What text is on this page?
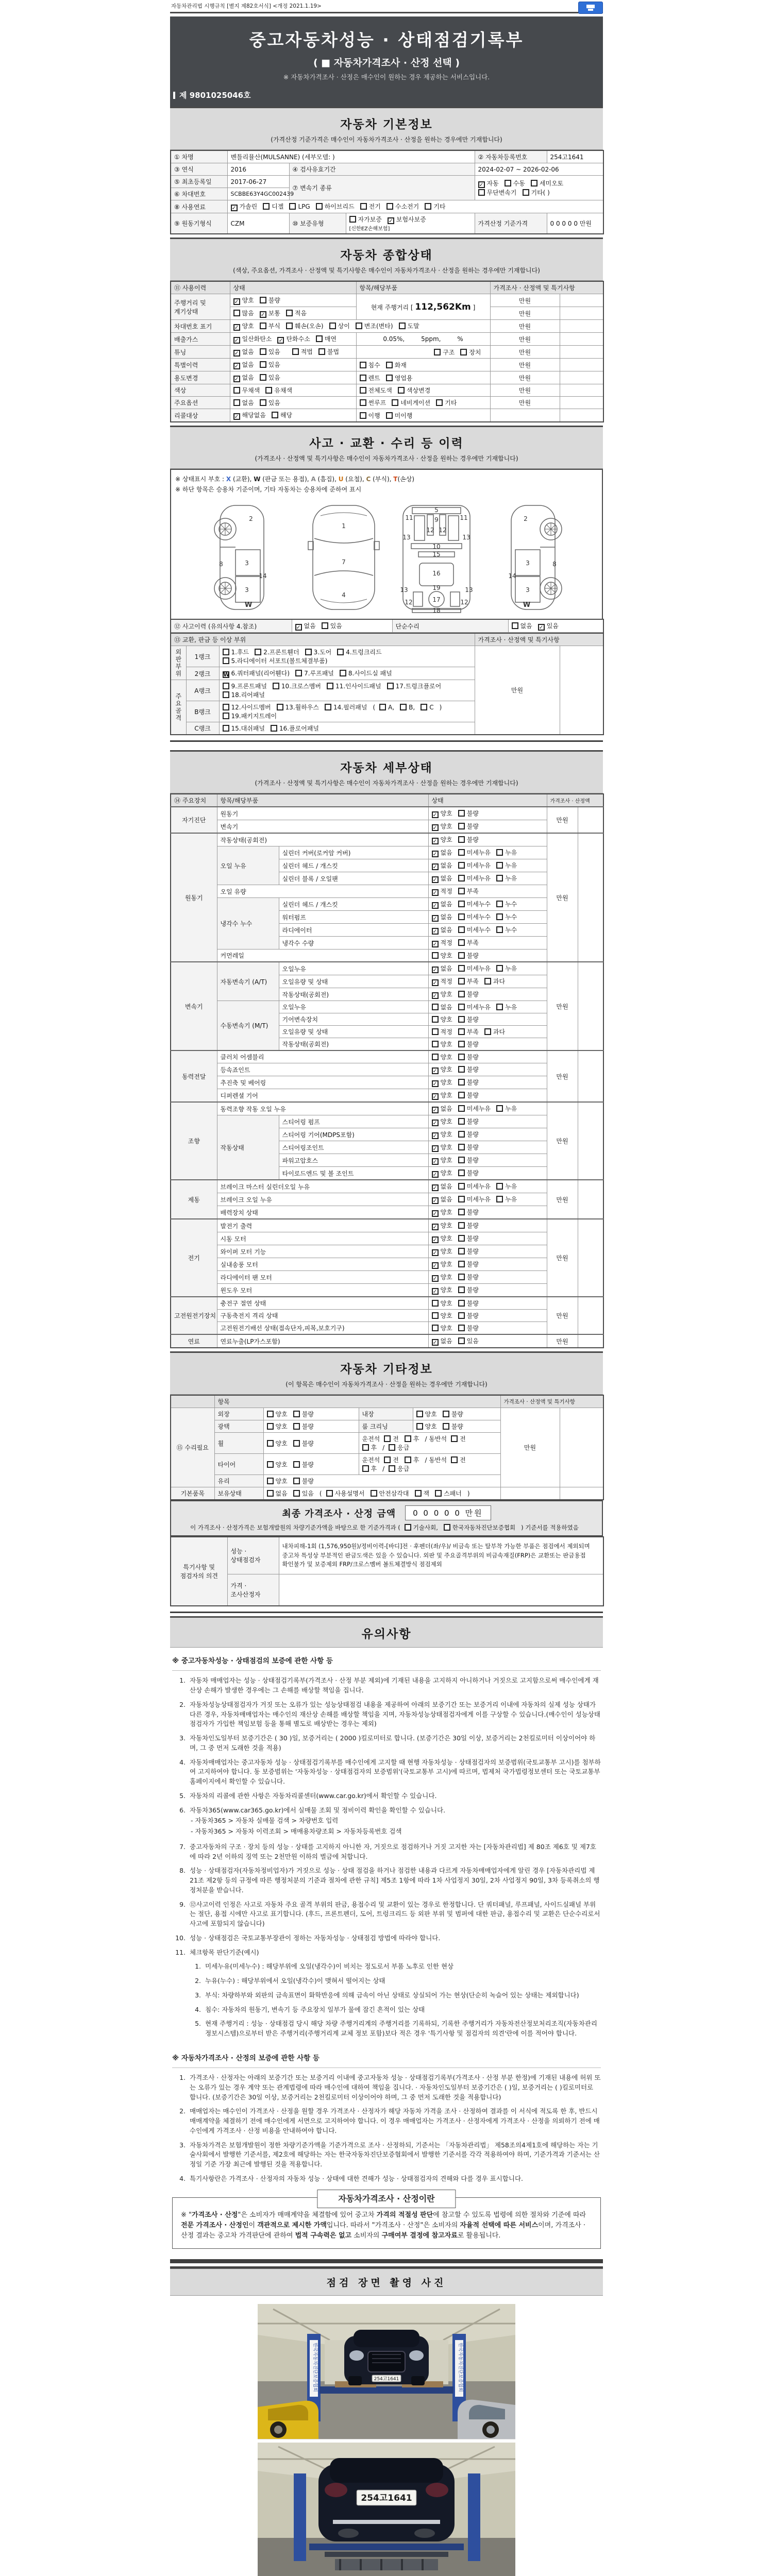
자동차관리법 시행규칙 [별지 제82호서식] <개정 2021.1.19>
중고자동차성능 · 상태점검기록부
( ■ 자동차가격조사 · 산정 선택 )
※ 자동차가격조사 · 산정은 매수인이 원하는 경우 제공하는 서비스입니다.
제 9801025046호
자동차 기본정보
(가격산정 기준가격은 매수인이 자동차가격조사 · 산정을 원하는 경우에만 기재합니다)
① 차명	벤틀리뮬산(MULSANNE) (세부모델: )			② 자동차등록번호	254고1641
③ 연식	2016	④ 검사유효기간		2024-02-07 ~ 2026-02-06	
⑤ 최초등록일	2017-06-27	⑦ 변속기 종류		✓ 자동 수동 세미오토무단변속기 기타( )	
⑥ 차대번호	SCBBE63Y4GC002439				
⑧ 사용연료	✓ 가솔린 디젤 LPG 하이브리드 전기 수소전기 기타				
⑨ 원동기형식	CZM	⑩ 보증유형	자가보증 ✓ 보험사보증[신한EZ손해보험]	가격산정 기준가격	0 0 0 0 0 만원
자동차 종합상태
(색상, 주요옵션, 가격조사 · 산정액 및 특기사항은 매수인이 자동차가격조사 · 산정을 원하는 경우에만 기재합니다)
⑪ 사용이력	상태	항목/해당부품	가격조사 · 산정액 및 특기사항	
주행거리 및 계기상태	✓ 양호 불량	현재 주행거리 [ 112,562Km ]	만원	
	많음 ✓ 보통 적음		만원	
차대번호 표기	✓ 양호 부식 훼손(오손) 상이 변조(변타) 도말		만원	
배출가스	✓ 일산화탄소 ✓ 탄화수소 매연	0.05%, 5ppm, %	만원	
튜닝	✓ 없음 있음 적법 불법	구조 장치	만원	
특별이력	✓ 없음 있음	침수 화재	만원	
용도변경	✓ 없음 있음	렌트 영업용	만원	
색상	무채색 유채색	전체도색 색상변경	만원	
주요옵션	없음 있음	썬루프 네비게이션 기타	만원	
리콜대상	✓ 해당없음 해당	이행 미이행		
사고 · 교환 · 수리 등 이력
(가격조사 · 산정액 및 특기사항은 매수인이 자동차가격조사 · 산정을 원하는 경우에만 기재합니다)
※ 상태표시 부호 : X (교환), W (판금 또는 용접), A (흠집), U (요철), C (부식), T(손상)
※ 하단 항목은 승용차 기준이며, 기타 자동차는 승용차에 준하여 표시
2
8	3
14
3
W
1
7
4
5
9
11	11
13	13
12 12
10
15
16
19
13	13
17
12	12
18
2
3	8
14
3
W
⑫ 사고이력 (유의사항 4.참조)	✓ 없음 있음	단순수리	없음 ✓ 있음
⑬ 교환, 판금 등 이상 부위			가격조사 · 산정액 및 특기사항	
외판부위	1랭크	1.후드 2.프론트휀더 3.도어 4.트렁크리드
5.라디에이터 서포트(볼트체결부품)	만원	
	2랭크	W 6.쿼터패널(리어휀다) 7.루프패널 8.사이드실 패널		

주요골격	A랭크	9.프론트패널 10.크로스멤버 11.인사이드패널 17.트렁크플로어
18.리어패널		

	B랭크	12.사이드멤버 13.휠하우스 14.필러패널 ( A, B, C )
19.패키지트레이		

	C랭크	15.대쉬패널 16.플로어패널		
자동차 세부상태
(가격조사 · 산정액 및 특기사항은 매수인이 자동차가격조사 · 산정을 원하는 경우에만 기재합니다)
⑭ 주요장치	항목/해당부품		상태	가격조사 · 산정액	
자기진단	원동기		✓ 양호 불량	만원	
	변속기		✓ 양호 불량		
원동기	작동상태(공회전)		✓ 양호 불량	만원	
	오일 누유	실린더 커버(로커암 커버)	✓ 없음 미세누유 누유		
		실린더 헤드 / 개스킷	✓ 없음 미세누유 누유		
		실린더 블록 / 오일팬	✓ 없음 미세누유 누유		
	오일 유량		✓ 적정 부족		
	냉각수 누수	실린더 헤드 / 개스킷	✓ 없음 미세누수 누수		
		워터펌프	✓ 없음 미세누수 누수		
		라디에이터	✓ 없음 미세누수 누수		
		냉각수 수량	✓ 적정 부족		
	커먼레일		양호 불량		
변속기	자동변속기 (A/T)	오일누유	✓ 없음 미세누유 누유	만원	
		오일유량 및 상태	✓ 적정 부족 과다		
		작동상태(공회전)	✓ 양호 불량		
	수동변속기 (M/T)	오일누유	없음 미세누유 누유		
		기어변속장치	양호 불량		
		오일유량 및 상태	적정 부족 과다		
		작동상태(공회전)	양호 불량		
동력전달	클러치 어셈블리		양호 불량	만원	
	등속죠인트		✓ 양호 불량		
	추진축 및 베어링		✓ 양호 불량		
	디퍼렌셜 기어		✓ 양호 불량		
조향	동력조향 작동 오일 누유		✓ 없음 미세누유 누유	만원	
	작동상태	스티어링 펌프	✓ 양호 불량		
		스티어링 기어(MDPS포함)	✓ 양호 불량		
		스티어링조인트	✓ 양호 불량		
		파워고압호스	✓ 양호 불량		
		타이로드엔드 및 볼 조인트	✓ 양호 불량		
제동	브레이크 마스터 실린더오일 누유		✓ 없음 미세누유 누유	만원	
	브레이크 오일 누유		✓ 없음 미세누유 누유		
	배력장치 상태		✓ 양호 불량		
전기	발전기 출력		✓ 양호 불량	만원	
	시동 모터		✓ 양호 불량		
	와이퍼 모터 기능		✓ 양호 불량		
	실내송풍 모터		✓ 양호 불량		
	라디에이터 팬 모터		✓ 양호 불량		
	윈도우 모터		✓ 양호 불량		
고전원전기장치	충전구 절연 상태		양호 불량	만원	
	구동축전지 격리 상태		양호 불량		
	고전원전기배선 상태(접속단자,피복,보호기구)		양호 불량		
연료	연료누출(LP가스포함)		✓ 없음 있음	만원	
자동차 기타정보
(이 항목은 매수인이 자동차가격조사 · 산정을 원하는 경우에만 기재합니다)
	항목				가격조사 · 산정액 및 특기사항	
⑮ 수리필요	외장	양호 불량	내장	양호 불량	만원	
	광택	양호 불량	룸 크리닝	양호 불량		
	휠	양호 불량	운전석 전 후 / 동반석 전후 / 응급			
	타이어	양호 불량	운전석 전 후 / 동반석 전후 / 응급			
	유리	양호 불량				
기본품목	보유상태	없음 있음 ( 사용설명서 안전삼각대 잭 스패너 )				
최종 가격조사 · 산정 금액	0 0 0 0 0 만원
이 가격조사 · 산정가격은 보험개발원의 차량기준가액을 바탕으로 한 기준가격과 ( 기술사회, 한국자동차진단보증협회 ) 기준서를 적용하였음
특기사항 및 점검자의 의견	성능 · 상태점검자	내차피해-1회 (1,576,950원)/정비이력-[바디]전 · 후펜더(좌/우)/ 비금속 또는 탈부착 가능한 부품은 점검에서 제외되며 중고차 특성상 부분적인 판금도색은 있을 수 있습니다. 외판 및 주요골격부위의 비금속재질(FRP)은 교환또는 판금용접 확인불가 및 보증제외 FRP/크로스멤버 볼트체결방식 점검제외
	가격 · 조사산정자	
유의사항
※ 중고자동차성능 · 상태점검의 보증에 관한 사항 등
1. 자동차 매매업자는 성능 · 상태점검기록부(가격조사 · 산정 부분 제외)에 기재된 내용을 고지하지 아니하거나 거짓으로 고지함으로써 매수인에게 재산상 손해가 발생한 경우에는 그 손해를 배상할 책임을 집니다.
2. 자동차성능상태점검자가 거짓 또는 오류가 있는 성능상태점검 내용을 제공하여 아래의 보증기간 또는 보증거리 이내에 자동차의 실제 성능 상태가 다른 경우, 자동차매매업자는 매수인의 재산상 손해를 배상할 책임을 지며, 자동차성능상태점검자에게 이를 구상할 수 있습니다.(매수인이 성능상태점검자가 가입한 책임보험 등을 통해 별도로 배상받는 경우는 제외)
3. 자동차인도일부터 보증기간은 ( 30 )일, 보증거리는 ( 2000 )킬로미터로 합니다. (보증기간은 30일 이상, 보증거리는 2천킬로미터 이상이어야 하며, 그 중 먼저 도래한 것을 적용)
4. 자동차매매업자는 중고자동차 성능 · 상태점검기록부를 매수인에게 고지할 때 현행 자동차성능 · 상태점검자의 보증범위(국토교통부 고시)를 첨부하여 고지하여야 합니다. 동 보증범위는 '자동차성능 · 상태점검자의 보증범위'(국토교통부 고시)에 따르며, 법제처 국가법령정보센터 또는 국토교통부 홈페이지에서 확인할 수 있습니다.
5. 자동차의 리콜에 관한 사항은 자동차리콜센터(www.car.go.kr)에서 확인할 수 있습니다.
6. 자동차365(www.car365.go.kr)에서 실매물 조회 및 정비이력 확인을 확인할 수 있습니다.
- 자동차365 > 자동차 실매물 검색 > 차량번호 입력
- 자동차365 > 자동차 이력조회 > 매매용차량조회 > 자동차등록번호 검색
7. 중고자동차의 구조 · 장치 등의 성능 · 상태를 고지하지 아니한 자, 거짓으로 점검하거나 거짓 고지한 자는 [자동차관리법] 제 80조 제6호 및 제7호에 따라 2년 이하의 징역 또는 2천만원 이하의 벌금에 처합니다.
8. 성능 · 상태점검자(자동차정비업자)가 거짓으로 성능 · 상태 점검을 하거나 점검한 내용과 다르게 자동차매매업자에게 알린 경우 [자동차관리법 제21조 제2항 등의 규정에 따른 행정처분의 기준과 절차에 관한 규칙] 제5조 1항에 따라 1차 사업정지 30일, 2차 사업정지 90일, 3차 등록취소의 행정처분을 받습니다.
9. ⑫사고이력 인정은 사고로 자동차 주요 골격 부위의 판금, 용접수리 및 교환이 있는 경우로 한정합니다. 단 쿼터패널, 루프패널, 사이드실패널 부위는 절단, 용접 시에만 사고로 표기합니다. (후드, 프론트펜더, 도어, 트렁크리드 등 외판 부위 및 범퍼에 대한 판금, 용접수리 및 교환은 단순수리로서 사고에 포함되지 않습니다)
10. 성능 · 상태점검은 국토교통부장관이 정하는 자동차성능 · 상태점검 방법에 따라야 합니다.
11. 체크항목 판단기준(예시)
1. 미세누유(미세누수) : 해당부위에 오일(냉각수)이 비치는 정도로서 부품 노후로 인한 현상
2. 누유(누수) : 해당부위에서 오일(냉각수)이 맺혀서 떨어지는 상태
3. 부식: 차량하부와 외판의 금속표면이 화학반응에 의해 금속이 아닌 상태로 상실되어 가는 현상(단순히 녹슬어 있는 상태는 제외합니다)
4. 침수: 자동차의 원동기, 변속기 등 주요장치 일부가 물에 잠긴 흔적이 있는 상태
5. 현재 주행거리 : 성능 · 상태점검 당시 해당 차량 주행거리계의 주행거리를 기록하되, 기록한 주행거리가 자동차전산정보처리조직(자동차관리정보시스템)으로부터 받은 주행거리(주행거리계 교체 정보 포함)보다 적은 경우 '특기사항 및 점검자의 의견'란에 이를 적어야 합니다.
※ 자동차가격조사 · 산정의 보증에 관한 사항 등
1. 가격조사 · 산정자는 아래의 보증기간 또는 보증거리 이내에 중고자동차 성능 · 상태점검기록부(가격조사 · 산정 부분 한정)에 기재된 내용에 허위 또는 오류가 있는 경우 계약 또는 관계법령에 따라 매수인에 대하여 책임을 집니다. · 자동차인도일부터 보증기간은 ( )일, 보증거리는 ( )킬로미터로 합니다. (보증기간은 30일 이상, 보증거리는 2천킬로미터 이상이어야 하며, 그 중 먼저 도래한 것을 적용합니다)
2. 매매업자는 매수인이 가격조사 · 산정을 원할 경우 가격조사 · 산정자가 해당 자동차 가격을 조사 · 산정하여 결과를 이 서식에 적도록 한 후, 반드시 매매계약을 체결하기 전에 매수인에게 서면으로 고지하여야 합니다. 이 경우 매매업자는 가격조사 · 산정자에게 가격조사 · 산정을 의뢰하기 전에 매수인에게 가격조사 · 산정 비용을 안내하여야 합니다.
3. 자동차가격은 보험개발원이 정한 차량기준가액을 기준가격으로 조사 · 산정하되, 기준서는 「자동차관리법」 제58조의4제1호에 해당하는 자는 기술사회에서 발행한 기준서를, 제2호에 해당하는 자는 한국자동차진단보증협회에서 발행한 기준서를 각각 적용하여야 하며, 기준가격과 기준서는 산정일 기준 가장 최근에 발행된 것을 적용합니다.
4. 특기사항란은 가격조사 · 산정자의 자동차 성능 · 상태에 대한 견해가 성능 · 상태점검자의 견해와 다를 경우 표시합니다.
자동차가격조사 · 산정이란
※ "가격조사 · 산정"은 소비자가 매매계약을 체결함에 있어 중고차 가격의 적절성 판단에 참고할 수 있도록 법령에 의한 절차와 기준에 따라 전문 가격조사 · 산정인이 객관적으로 제시한 가액입니다. 따라서 "가격조사 · 산정"은 소비자의 자율적 선택에 따른 서비스이며, 가격조사 · 산정 결과는 중고차 가격판단에 관하여 법적 구속력은 없고 소비자의 구매여부 결정에 참고자료로 활용됩니다.
점검 장면 촬영 사진
한국자동차진단보증협회	한국자동차진단보증협회
254고1641
254고1641
